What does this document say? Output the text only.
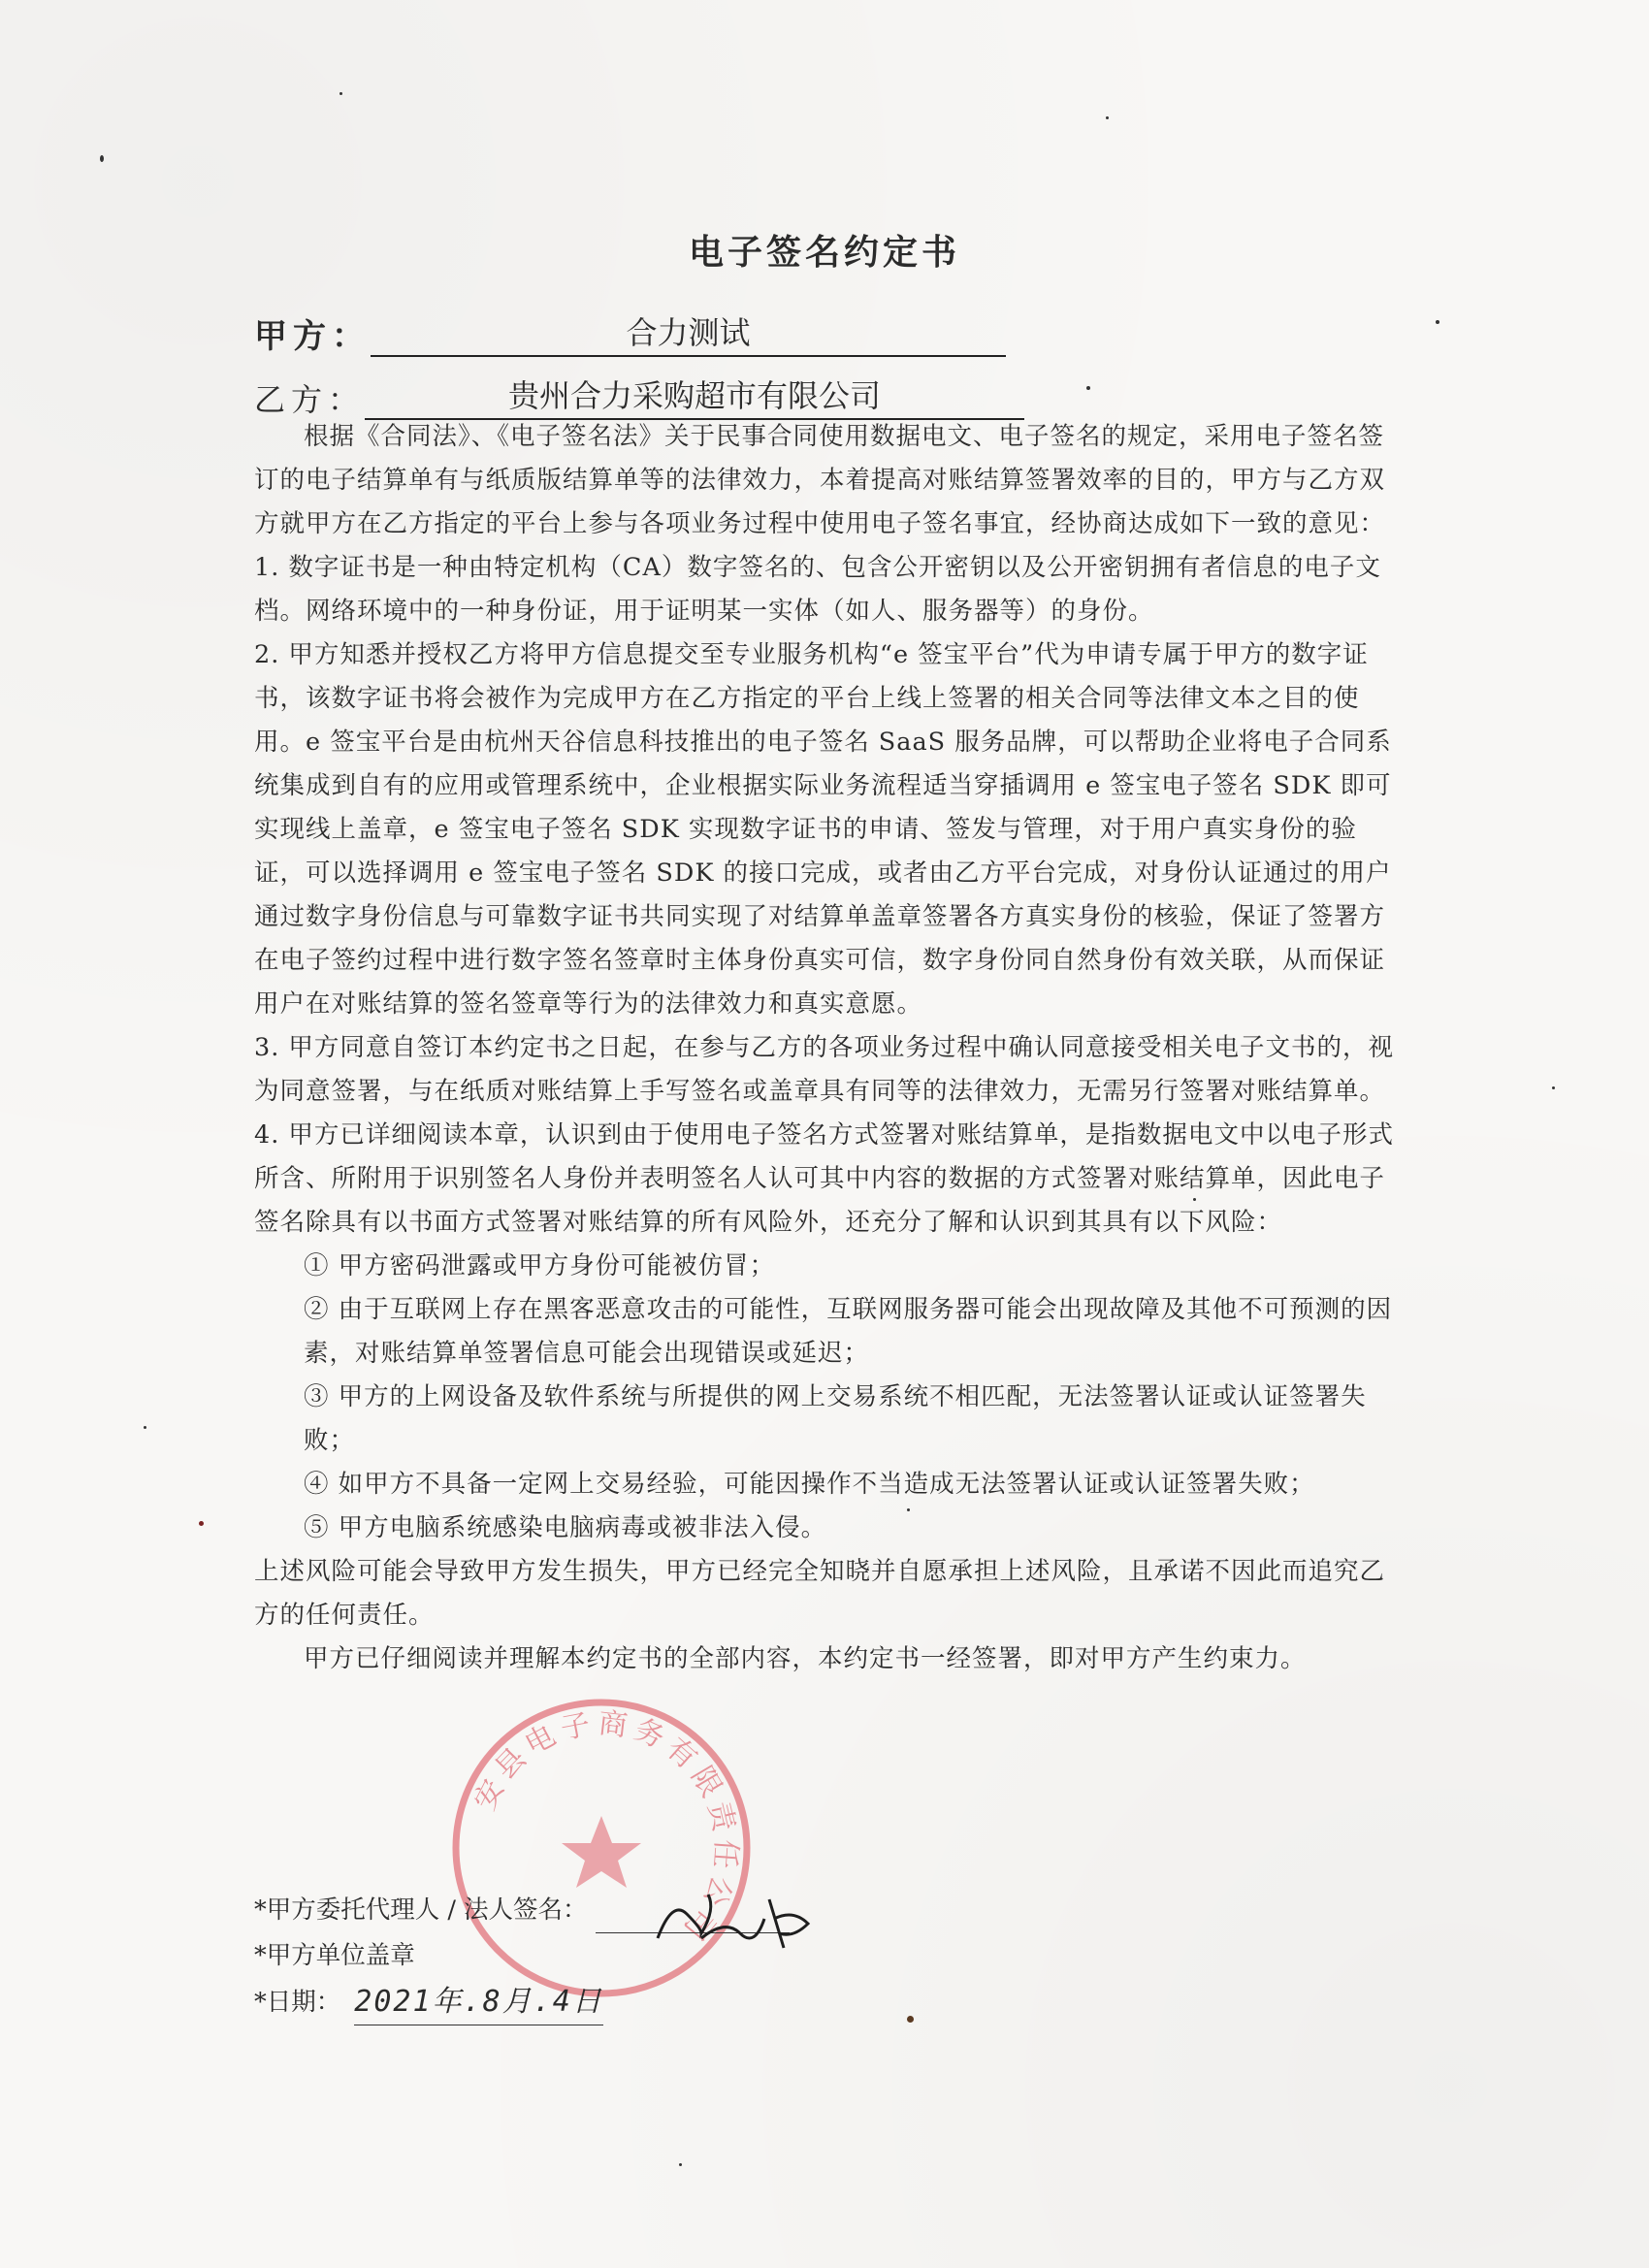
安县电子商务有限责任公司
电子签名约定书
甲方：	合力测试
乙方：	贵州合力采购超市有限公司

根据《合同法》、《电子签名法》关于民事合同使用数据电文、电子签名的规定，采用电子签名签订的电子结算单有与纸质版结算单等的法律效力，本着提高对账结算签署效率的目的，甲方与乙方双方就甲方在乙方指定的平台上参与各项业务过程中使用电子签名事宜，经协商达成如下一致的意见：

1. 数字证书是一种由特定机构（CA）数字签名的、包含公开密钥以及公开密钥拥有者信息的电子文档。网络环境中的一种身份证，用于证明某一实体（如人、服务器等）的身份。

2. 甲方知悉并授权乙方将甲方信息提交至专业服务机构“e 签宝平台”代为申请专属于甲方的数字证书，该数字证书将会被作为完成甲方在乙方指定的平台上线上签署的相关合同等法律文本之目的使用。e 签宝平台是由杭州天谷信息科技推出的电子签名 SaaS 服务品牌，可以帮助企业将电子合同系统集成到自有的应用或管理系统中，企业根据实际业务流程适当穿插调用 e 签宝电子签名 SDK 即可实现线上盖章，e 签宝电子签名 SDK 实现数字证书的申请、签发与管理，对于用户真实身份的验证，可以选择调用 e 签宝电子签名 SDK 的接口完成，或者由乙方平台完成，对身份认证通过的用户通过数字身份信息与可靠数字证书共同实现了对结算单盖章签署各方真实身份的核验，保证了签署方在电子签约过程中进行数字签名签章时主体身份真实可信，数字身份同自然身份有效关联，从而保证用户在对账结算的签名签章等行为的法律效力和真实意愿。

3. 甲方同意自签订本约定书之日起，在参与乙方的各项业务过程中确认同意接受相关电子文书的，视为同意签署，与在纸质对账结算上手写签名或盖章具有同等的法律效力，无需另行签署对账结算单。

4. 甲方已详细阅读本章，认识到由于使用电子签名方式签署对账结算单，是指数据电文中以电子形式所含、所附用于识别签名人身份并表明签名人认可其中内容的数据的方式签署对账结算单，因此电子签名除具有以书面方式签署对账结算的所有风险外，还充分了解和认识到其具有以下风险：

① 甲方密码泄露或甲方身份可能被仿冒；

② 由于互联网上存在黑客恶意攻击的可能性，互联网服务器可能会出现故障及其他不可预测的因素，对账结算单签署信息可能会出现错误或延迟；

③ 甲方的上网设备及软件系统与所提供的网上交易系统不相匹配，无法签署认证或认证签署失败；

④ 如甲方不具备一定网上交易经验，可能因操作不当造成无法签署认证或认证签署失败；

⑤ 甲方电脑系统感染电脑病毒或被非法入侵。

上述风险可能会导致甲方发生损失，甲方已经完全知晓并自愿承担上述风险，且承诺不因此而追究乙方的任何责任。

甲方已仔细阅读并理解本约定书的全部内容，本约定书一经签署，即对甲方产生约束力。

*甲方委托代理人 / 法人签名：
*甲方单位盖章
*日期： 2021年.8月.4日
